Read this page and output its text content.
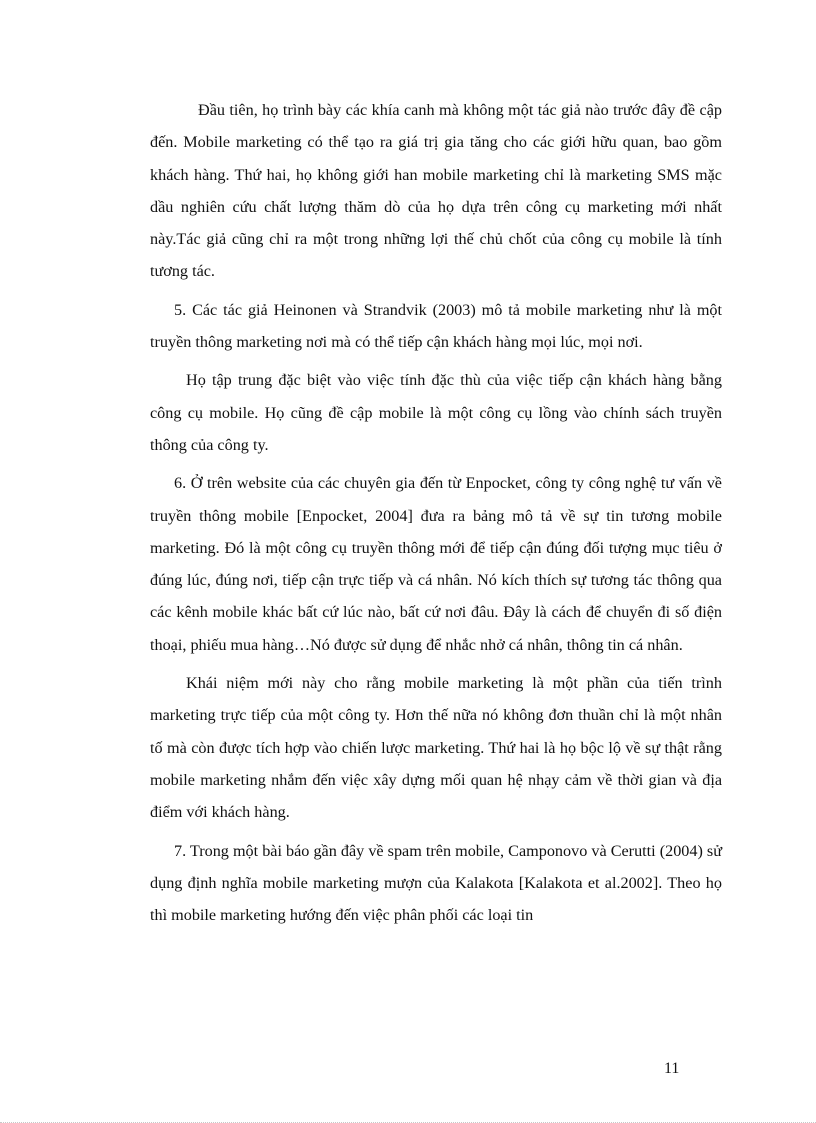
Đầu tiên, họ trình bày các khía canh mà không một tác giả nào trước đây đề cập đến. Mobile marketing có thể tạo ra giá trị gia tăng cho các giới hữu quan, bao gồm khách hàng. Thứ hai, họ không giới han mobile marketing chỉ là marketing SMS mặc dầu nghiên cứu chất lượng thăm dò của họ dựa trên công cụ marketing mới nhất này.Tác giả cũng chỉ ra một trong những lợi thế chủ chốt của công cụ mobile là tính tương tác.

5. Các tác giả Heinonen và Strandvik (2003) mô tả mobile marketing như là một truyền thông marketing nơi mà có thể tiếp cận khách hàng mọi lúc, mọi nơi.

Họ tập trung đặc biệt vào việc tính đặc thù của việc tiếp cận khách hàng bằng công cụ mobile. Họ cũng đề cập mobile là một công cụ lồng vào chính sách truyền thông của công ty.

6. Ở trên website của các chuyên gia đến từ Enpocket, công ty công nghệ tư vấn về truyền thông mobile [Enpocket, 2004] đưa ra bảng mô tả về sự tin tương mobile marketing. Đó là một công cụ truyền thông mới để tiếp cận đúng đối tượng mục tiêu ở đúng lúc, đúng nơi, tiếp cận trực tiếp và cá nhân. Nó kích thích sự tương tác thông qua các kênh mobile khác bất cứ lúc nào, bất cứ nơi đâu. Đây là cách để chuyển đi số điện thoại, phiếu mua hàng…Nó được sử dụng để nhắc nhở cá nhân, thông tin cá nhân.

Khái niệm mới này cho rằng mobile marketing là một phần của tiến trình marketing trực tiếp của một công ty. Hơn thế nữa nó không đơn thuần chỉ là một nhân tố mà còn được tích hợp vào chiến lược marketing. Thứ hai là họ bộc lộ về sự thật rằng mobile marketing nhắm đến việc xây dựng mối quan hệ nhạy cảm về thời gian và địa điểm với khách hàng.

7. Trong một bài báo gần đây về spam trên mobile, Camponovo và Cerutti (2004) sử dụng định nghĩa mobile marketing mượn của Kalakota [Kalakota et al.2002]. Theo họ thì mobile marketing hướng đến việc phân phối các loại tin

11
